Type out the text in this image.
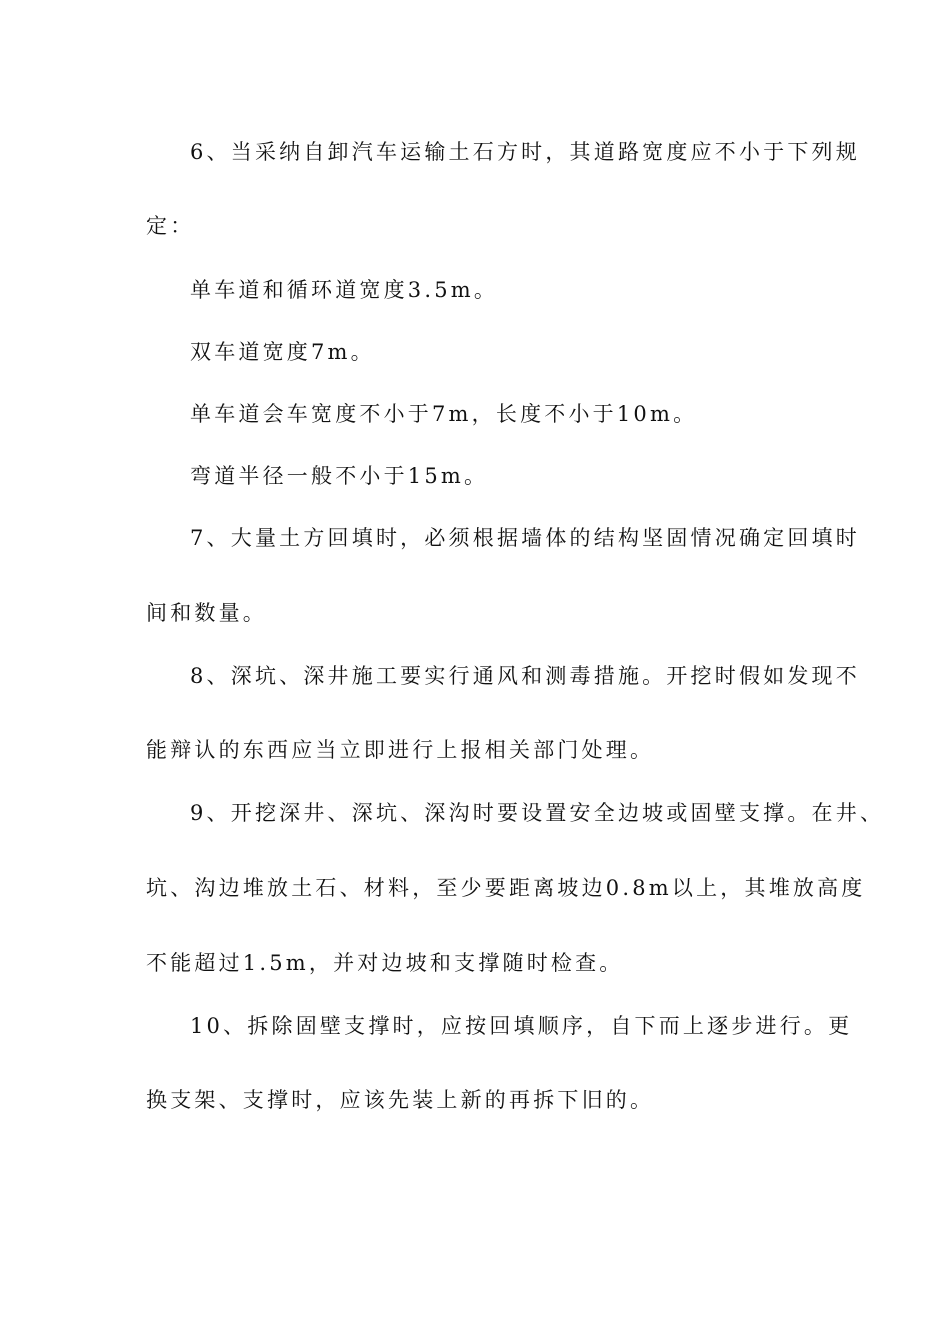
6、当采纳自卸汽车运输土石方时，其道路宽度应不小于下列规
定：
单车道和循环道宽度3.5m。
双车道宽度7m。
单车道会车宽度不小于7m，长度不小于10m。
弯道半径一般不小于15m。
7、大量土方回填时，必须根据墙体的结构坚固情况确定回填时
间和数量。
8、深坑、深井施工要实行通风和测毒措施。开挖时假如发现不
能辩认的东西应当立即进行上报相关部门处理。
9、开挖深井、深坑、深沟时要设置安全边坡或固壁支撑。在井、
坑、沟边堆放土石、材料，至少要距离坡边0.8m以上，其堆放高度
不能超过1.5m，并对边坡和支撑随时检查。
10、拆除固壁支撑时，应按回填顺序，自下而上逐步进行。更
换支架、支撑时，应该先装上新的再拆下旧的。
